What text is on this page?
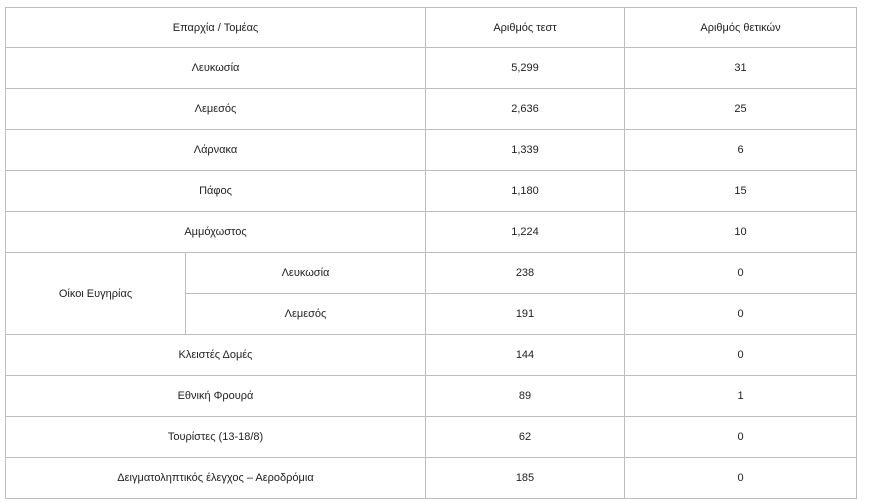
Επαρχία / Τομέας		Αριθμός τεστ	Αριθμός θετικών
Λευκωσία		5,299	31
Λεμεσός		2,636	25
Λάρνακα		1,339	6
Πάφος		1,180	15
Αμμόχωστος		1,224	10
Οίκοι Ευγηρίας	Λευκωσία	238	0
	Λεμεσός	191	0
Κλειστές Δομές		144	0
Εθνική Φρουρά		89	1
Τουρίστες (13-18/8)		62	0
Δειγματοληπτικός έλεγχος – Αεροδρόμια		185	0
